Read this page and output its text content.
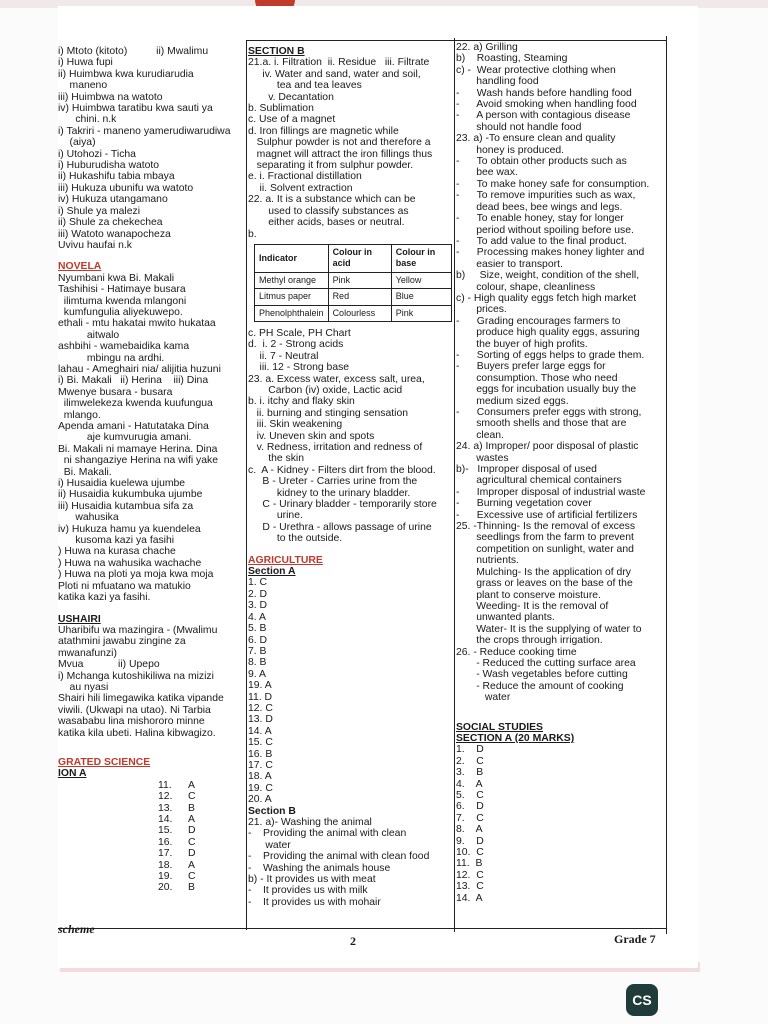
i) Mtoto (kitoto)          ii) Mwalimu
i) Huwa fupi
ii) Huimbwa kwa kurudiarudia
maneno
iii) Huimbwa na watoto
iv) Huimbwa taratibu kwa sauti ya
chini. n.k
i) Takriri - maneno yamerudiwarudiwa
(aiya)
i) Utohozi - Ticha
i) Huburudisha watoto
ii) Hukashifu tabia mbaya
iii) Hukuza ubunifu wa watoto
iv) Hukuza utangamano
i) Shule ya malezi
ii) Shule za chekechea
iii) Watoto wanapocheza
Uvivu haufai n.k
NOVELA
Nyumbani kwa Bi. Makali
Tashihisi - Hatimaye busara
ilimtuma kwenda mlangoni
kumfungulia aliyekuwepo.
ethali - mtu hakatai mwito hukataa
aitwalo
ashbihi - wamebaidika kama
mbingu na ardhi.
lahau - Ameghairi nia/ alijitia huzuni
i) Bi. Makali   ii) Herina    iii) Dina
Mwenye busara - busara
ilimwelekeza kwenda kuufungua
mlango.
Apenda amani - Hatutataka Dina
aje kumvurugia amani.
Bi. Makali ni mamaye Herina. Dina
ni shangaziye Herina na wifi yake
Bi. Makali.
i) Husaidia kuelewa ujumbe
ii) Husaidia kukumbuka ujumbe
iii) Husaidia kutambua sifa za
wahusika
iv) Hukuza hamu ya kuendelea
kusoma kazi ya fasihi
) Huwa na kurasa chache
) Huwa na wahusika wachache
) Huwa na ploti ya moja kwa moja
Ploti ni mfuatano wa matukio
katika kazi ya fasihi.
USHAIRI
Uharibifu wa mazingira - (Mwalimu
atathmini jawabu zingine za
mwanafunzi)
Mvua            ii) Upepo
i) Mchanga kutoshikiliwa na mizizi
au nyasi
Shairi hili limegawika katika vipande
viwili. (Ukwapi na utao). Ni Tarbia
wasababu lina mishororo minne
katika kila ubeti. Halina kibwagizo.
GRATED SCIENCE
ION A
11.	A
12.	C
13.	B
14.	A
15.	D
16.	C
17.	D
18.	A
19.	C
20.	B
SECTION B
21.a. i. Filtration  ii. Residue   iii. Filtrate
iv. Water and sand, water and soil,
tea and tea leaves
v. Decantation
b. Sublimation
c. Use of a magnet
d. Iron fillings are magnetic while
Sulphur powder is not and therefore a
magnet will attract the iron fillings thus
separating it from sulphur powder.
e. i. Fractional distillation
ii. Solvent extraction
22. a. It is a substance which can be
used to classify substances as
either acids, bases or neutral.
b.
Indicator	Colour in acid	Colour in base
Methyl orange	Pink	Yellow
Litmus paper	Red	Blue
Phenolphthalein	Colourless	Pink
c. PH Scale, PH Chart
d.  i. 2 - Strong acids
ii. 7 - Neutral
iii. 12 - Strong base
23. a. Excess water, excess salt, urea,
Carbon (iv) oxide, Lactic acid
b. i. itchy and flaky skin
ii. burning and stinging sensation
iii. Skin weakening
iv. Uneven skin and spots
v. Redness, irritation and redness of
the skin
c.  A - Kidney - Filters dirt from the blood.
B - Ureter - Carries urine from the
kidney to the urinary bladder.
C - Urinary bladder - temporarily store
urine.
D - Urethra - allows passage of urine
to the outside.
AGRICULTURE
Section A
1. C
2. D
3. D
4. A
5. B
6. D
7. B
8. B
9. A
19. A
11. D
12. C
13. D
14. A
15. C
16. B
17. C
18. A
19. C
20. A
Section B
21. a)- Washing the animal
-    Providing the animal with clean
water
-    Providing the animal with clean food
-    Washing the animals house
b) - It provides us with meat
-    It provides us with milk
-    It provides us with mohair
22. a) Grilling
b)    Roasting, Steaming
c) -  Wear protective clothing when
handling food
-      Wash hands before handling food
-      Avoid smoking when handling food
-      A person with contagious disease
should not handle food
23. a) -To ensure clean and quality
honey is produced.
-      To obtain other products such as
bee wax.
-      To make honey safe for consumption.
-      To remove impurities such as wax,
dead bees, bee wings and legs.
-      To enable honey, stay for longer
period without spoiling before use.
-      To add value to the final product.
-      Processing makes honey lighter and
easier to transport.
b)     Size, weight, condition of the shell,
colour, shape, cleanliness
c) - High quality eggs fetch high market
prices.
-      Grading encourages farmers to
produce high quality eggs, assuring
the buyer of high profits.
-      Sorting of eggs helps to grade them.
-      Buyers prefer large eggs for
consumption. Those who need
eggs for incubation usually buy the
medium sized eggs.
-      Consumers prefer eggs with strong,
smooth shells and those that are
clean.
24. a) Improper/ poor disposal of plastic
wastes
b)-   Improper disposal of used
agricultural chemical containers
-      Improper disposal of industrial waste
-      Burning vegetation cover
-      Excessive use of artificial fertilizers
25. -Thinning- Is the removal of excess
seedlings from the farm to prevent
competition on sunlight, water and
nutrients.
Mulching- Is the application of dry
grass or leaves on the base of the
plant to conserve moisture.
Weeding- It is the removal of
unwanted plants.
Water- It is the supplying of water to
the crops through irrigation.
26. - Reduce cooking time
- Reduced the cutting surface area
- Wash vegetables before cutting
- Reduce the amount of cooking
water
SOCIAL STUDIES
SECTION A (20 MARKS)
1.    D
2.    C
3.    B
4.    A
5.    C
6.    D
7.    C
8.    A
9.    D
10.  C
11.  B
12.  C
13.  C
14.  A
scheme
2	Grade 7
CS
